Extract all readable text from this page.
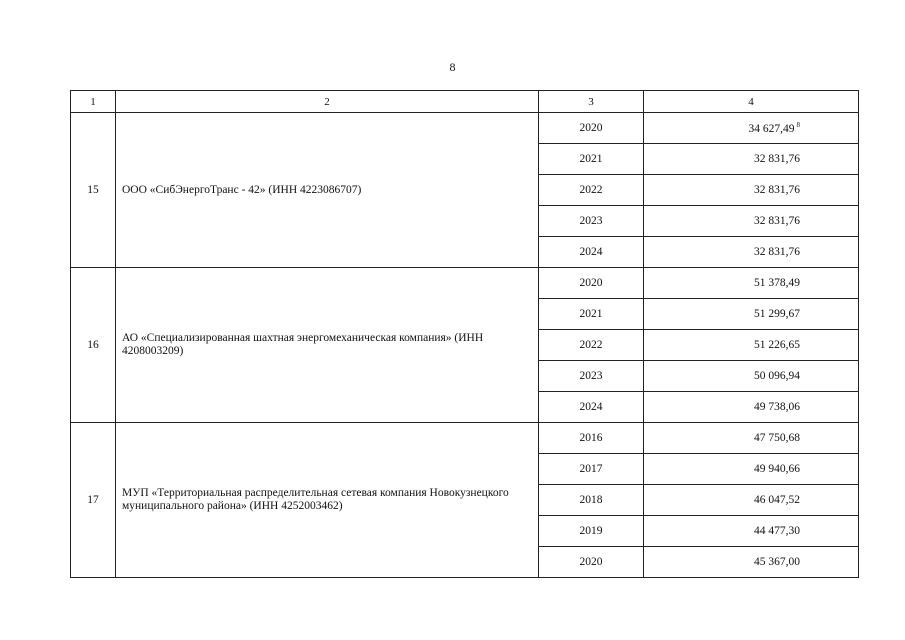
8
1	2	3	4
15	ООО «СибЭнергоТранс - 42» (ИНН 4223086707)	2020	34 627,49 $^8$
		2021	32 831,76
		2022	32 831,76
		2023	32 831,76
		2024	32 831,76
16	АО «Специализированная шахтная энергомеханическая компания» (ИНН 4208003209)	2020	51 378,49
		2021	51 299,67
		2022	51 226,65
		2023	50 096,94
		2024	49 738,06
17	МУП «Территориальная распределительная сетевая компания Новокузнецкого муниципального района» (ИНН 4252003462)	2016	47 750,68
		2017	49 940,66
		2018	46 047,52
		2019	44 477,30
		2020	45 367,00
